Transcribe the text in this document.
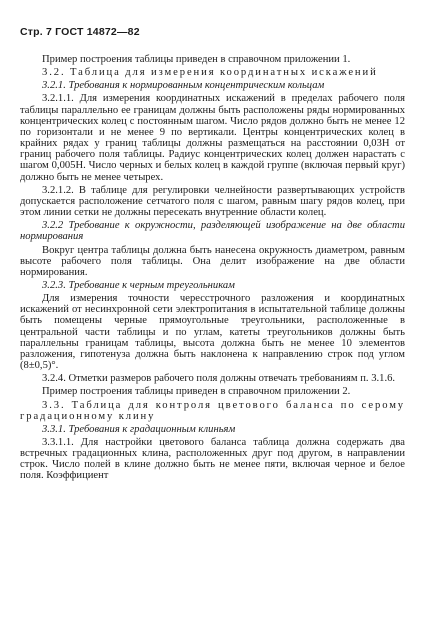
Стр. 7 ГОСТ 14872—82

Пример построения таблицы приведен в справочном приложении 1.

3.2. Таблица для измерения координатных искажений

3.2.1. Требования к нормированным концентрическим кольцам

3.2.1.1. Для измерения координатных искажений в пределах рабочего поля таблицы параллельно ее границам должны быть расположены ряды нормированных концентрических колец с постоянным шагом. Число рядов должно быть не менее 12 по горизонтали и не менее 9 по вертикали. Центры концентрических колец в крайних рядах у границ таблицы должны размещаться на расстоянии 0,03H от границ рабочего поля таблицы. Радиус концентрических колец должен нарастать с шагом 0,005H. Число черных и белых колец в каждой группе (включая первый круг) должно быть не менее четырех.

3.2.1.2. В таблице для регулировки челнейности развертывающих устройств допускается расположение сетчатого поля с шагом, равным шагу рядов колец, при этом линии сетки не должны пересекать внутренние области колец.

3.2.2 Требование к окружности, разделяющей изображение на две области нормирования

Вокруг центра таблицы должна быть нанесена окружность диаметром, равным высоте рабочего поля таблицы. Она делит изображение на две области нормирования.

3.2.3. Требование к черным треугольникам

Для измерения точности чересстрочного разложения и координатных искажений от несинхронной сети электропитания в испытательной таблице должны быть помещены черные прямоугольные треугольники, расположенные в центральной части таблицы и по углам, катеты треугольников должны быть параллельны границам таблицы, высота должна быть не менее 10 элементов разложения, гипотенуза должна быть наклонена к направлению строк под углом (8±0,5)°.

3.2.4. Отметки размеров рабочего поля должны отвечать требованиям п. 3.1.6.

Пример построения таблицы приведен в справочном приложении 2.

3.3. Таблица для контроля цветового баланса по серому градационному клину

3.3.1. Требования к градационным клиньям

3.3.1.1. Для настройки цветового баланса таблица должна содержать два встречных градационных клина, расположенных друг под другом, в направлении строк. Число полей в клине должно быть не менее пяти, включая черное и белое поля. Коэффициент
